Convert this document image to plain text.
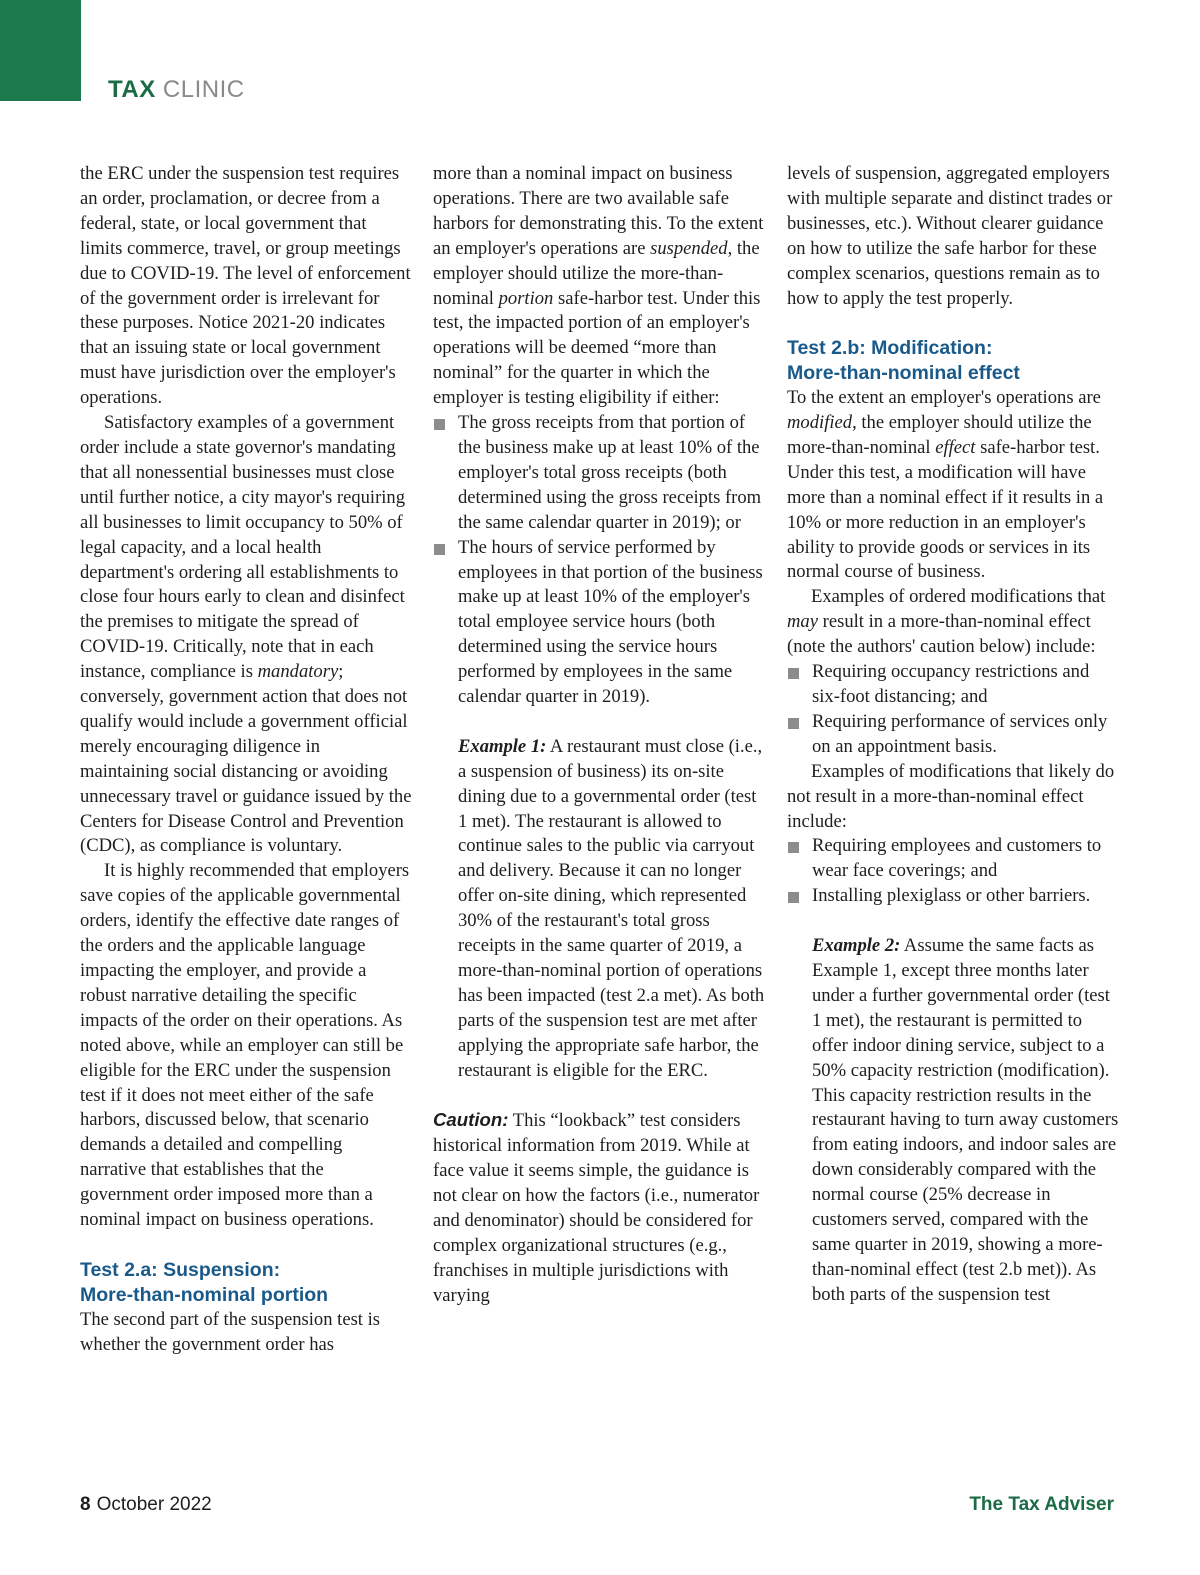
TAX CLINIC

the ERC under the suspension test requires an order, proclamation, or decree from a federal, state, or local government that limits commerce, travel, or group meetings due to COVID-19. The level of enforcement of the government order is irrelevant for these purposes. Notice 2021-20 indicates that an issuing state or local government must have jurisdiction over the employer's operations.

Satisfactory examples of a government order include a state governor's mandating that all nonessential businesses must close until further notice, a city mayor's requiring all businesses to limit occupancy to 50% of legal capacity, and a local health department's ordering all establishments to close four hours early to clean and disinfect the premises to mitigate the spread of COVID-19. Critically, note that in each instance, compliance is mandatory; conversely, government action that does not qualify would include a government official merely encouraging diligence in maintaining social distancing or avoiding unnecessary travel or guidance issued by the Centers for Disease Control and Prevention (CDC), as compliance is voluntary.

It is highly recommended that employers save copies of the applicable governmental orders, identify the effective date ranges of the orders and the applicable language impacting the employer, and provide a robust narrative detailing the specific impacts of the order on their operations. As noted above, while an employer can still be eligible for the ERC under the suspension test if it does not meet either of the safe harbors, discussed below, that scenario demands a detailed and compelling narrative that establishes that the government order imposed more than a nominal impact on business operations.

Test 2.a: Suspension:

More-than-nominal portion

The second part of the suspension test is whether the government order has

more than a nominal impact on business operations. There are two available safe harbors for demonstrating this. To the extent an employer's operations are suspended, the employer should utilize the more-than-nominal portion safe-harbor test. Under this test, the impacted portion of an employer's operations will be deemed “more than nominal” for the quarter in which the employer is testing eligibility if either:

The gross receipts from that portion of the business make up at least 10% of the employer's total gross receipts (both determined using the gross receipts from the same calendar quarter in 2019); or
The hours of service performed by employees in that portion of the business make up at least 10% of the employer's total employee service hours (both determined using the service hours performed by employees in the same calendar quarter in 2019).

Example 1: A restaurant must close (i.e., a suspension of business) its on-site dining due to a governmental order (test 1 met). The restaurant is allowed to continue sales to the public via carryout and delivery. Because it can no longer offer on-site dining, which represented 30% of the restaurant's total gross receipts in the same quarter of 2019, a more-than-nominal portion of operations has been impacted (test 2.a met). As both parts of the suspension test are met after applying the appropriate safe harbor, the restaurant is eligible for the ERC.

Caution: This “lookback” test considers historical information from 2019. While at face value it seems simple, the guidance is not clear on how the factors (i.e., numerator and denominator) should be considered for complex organizational structures (e.g., franchises in multiple jurisdictions with varying

levels of suspension, aggregated employers with multiple separate and distinct trades or businesses, etc.). Without clearer guidance on how to utilize the safe harbor for these complex scenarios, questions remain as to how to apply the test properly.

Test 2.b: Modification:

More-than-nominal effect

To the extent an employer's operations are modified, the employer should utilize the more-than-nominal effect safe-harbor test. Under this test, a modification will have more than a nominal effect if it results in a 10% or more reduction in an employer's ability to provide goods or services in its normal course of business.

Examples of ordered modifications that may result in a more-than-nominal effect (note the authors' caution below) include:

Requiring occupancy restrictions and six-foot distancing; and
Requiring performance of services only on an appointment basis.

Examples of modifications that likely do not result in a more-than-nominal effect include:

Requiring employees and customers to wear face coverings; and
Installing plexiglass or other barriers.

Example 2: Assume the same facts as Example 1, except three months later under a further governmental order (test 1 met), the restaurant is permitted to offer indoor dining service, subject to a 50% capacity restriction (modification). This capacity restriction results in the restaurant having to turn away customers from eating indoors, and indoor sales are down considerably compared with the normal course (25% decrease in customers served, compared with the same quarter in 2019, showing a more-than-nominal effect (test 2.b met)). As both parts of the suspension test

8 October 2022	The Tax Adviser
